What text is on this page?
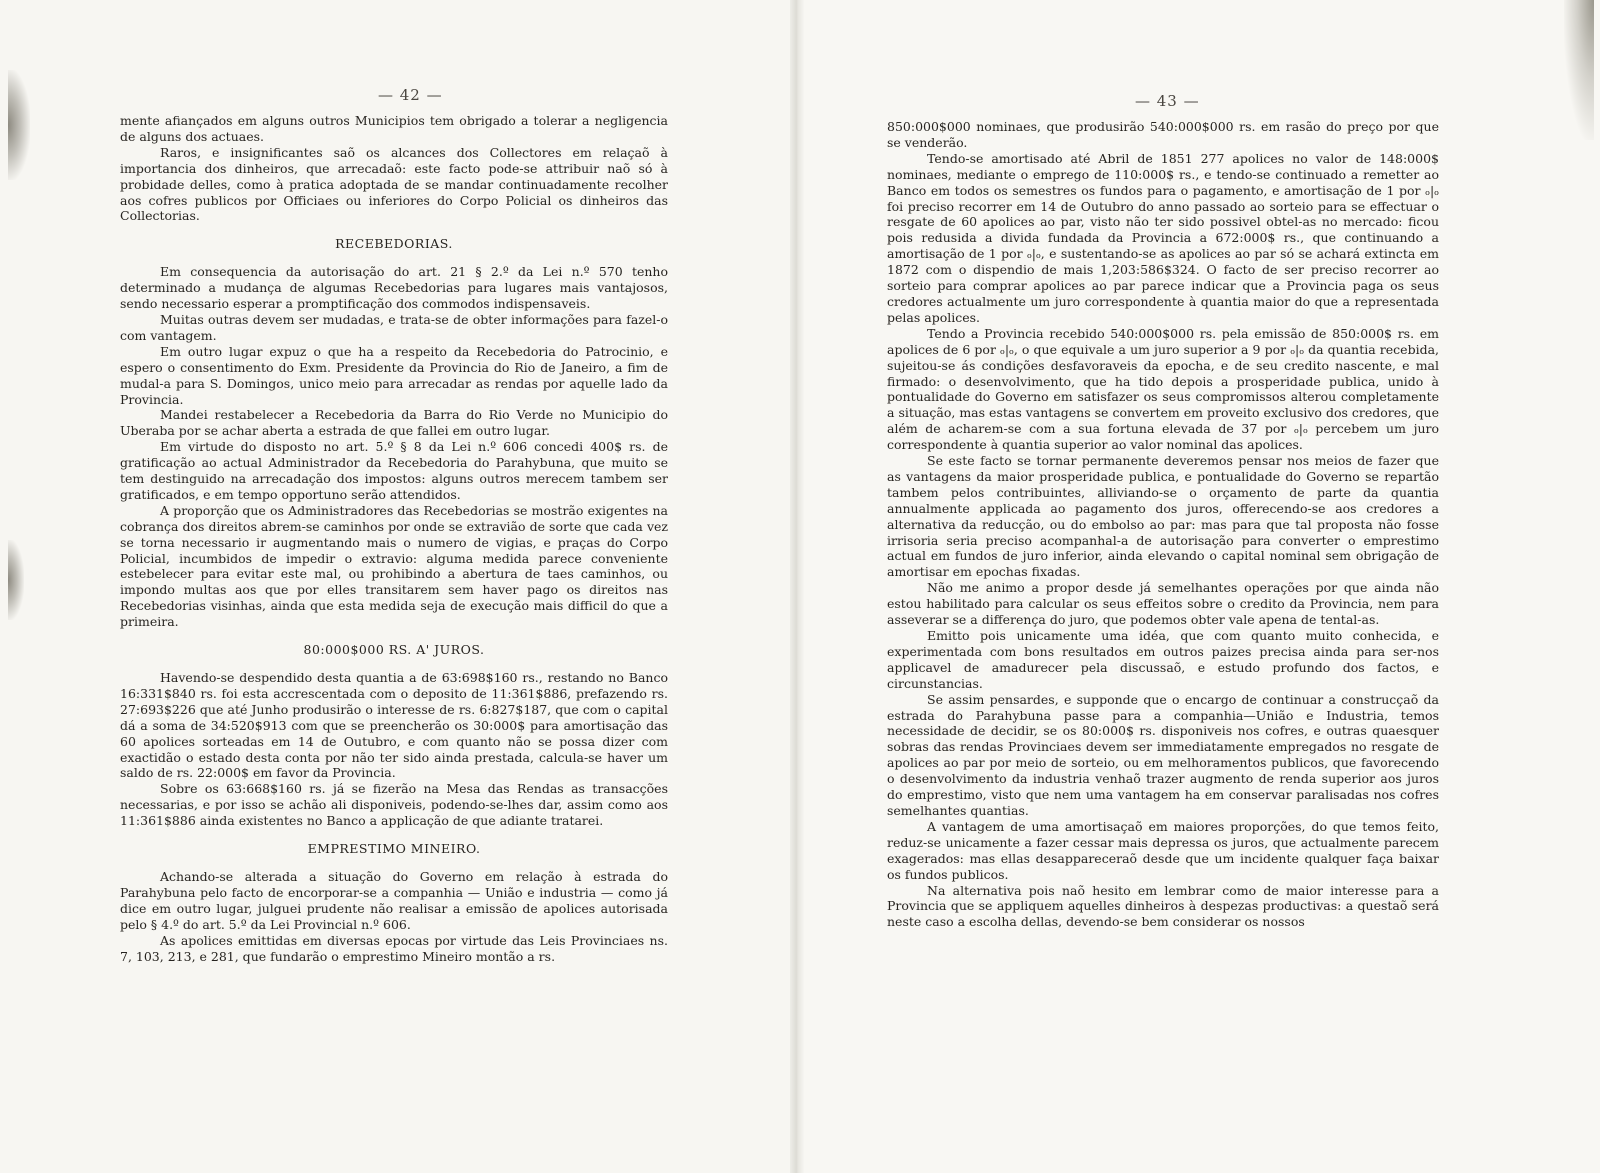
— 42 —

mente afiançados em alguns outros Municipios tem obrigado a tolerar a negligencia de alguns dos actuaes.

Raros, e insignificantes saõ os alcances dos Collectores em relaçaõ à importancia dos dinheiros, que arrecadaõ: este facto pode-se attribuir naõ só à probidade delles, como à pratica adoptada de se mandar continuadamente recolher aos cofres publicos por Officiaes ou inferiores do Corpo Policial os dinheiros das Collectorias.

RECEBEDORIAS.

Em consequencia da autorisação do art. 21 § 2.º da Lei n.º 570 tenho determinado a mudança de algumas Recebedorias para lugares mais vantajosos, sendo necessario esperar a promptificação dos commodos indispensaveis.

Muitas outras devem ser mudadas, e trata-se de obter informações para fazel-o com vantagem.

Em outro lugar expuz o que ha a respeito da Recebedoria do Patrocinio, e espero o consentimento do Exm. Presidente da Provincia do Rio de Janeiro, a fim de mudal-a para S. Domingos, unico meio para arrecadar as rendas por aquelle lado da Provincia.

Mandei restabelecer a Recebedoria da Barra do Rio Verde no Municipio do Uberaba por se achar aberta a estrada de que fallei em outro lugar.

Em virtude do disposto no art. 5.º § 8 da Lei n.º 606 concedi 400$ rs. de gratificação ao actual Administrador da Recebedoria do Parahybuna, que muito se tem destinguido na arrecadação dos impostos: alguns outros merecem tambem ser gratificados, e em tempo opportuno serão attendidos.

A proporção que os Administradores das Recebedorias se mostrão exigentes na cobrança dos direitos abrem-se caminhos por onde se extravião de sorte que cada vez se torna necessario ir augmentando mais o numero de vigias, e praças do Corpo Policial, incumbidos de impedir o extravio: alguma medida parece conveniente estebelecer para evitar este mal, ou prohibindo a abertura de taes caminhos, ou impondo multas aos que por elles transitarem sem haver pago os direitos nas Recebedorias visinhas, ainda que esta medida seja de execução mais difficil do que a primeira.

80:000$000 RS. A' JUROS.

Havendo-se despendido desta quantia a de 63:698$160 rs., restando no Banco 16:331$840 rs. foi esta accrescentada com o deposito de 11:361$886, prefazendo rs. 27:693$226 que até Junho produsirão o interesse de rs. 6:827$187, que com o capital dá a soma de 34:520$913 com que se preencherão os 30:000$ para amortisação das 60 apolices sorteadas em 14 de Outubro, e com quanto não se possa dizer com exactidão o estado desta conta por não ter sido ainda prestada, calcula-se haver um saldo de rs. 22:000$ em favor da Provincia.

Sobre os 63:668$160 rs. já se fizerão na Mesa das Rendas as transacções necessarias, e por isso se achão ali disponiveis, podendo-se-lhes dar, assim como aos 11:361$886 ainda existentes no Banco a applicação de que adiante tratarei.

EMPRESTIMO MINEIRO.

Achando-se alterada a situação do Governo em relação à estrada do Parahybuna pelo facto de encorporar-se a companhia — União e industria — como já dice em outro lugar, julguei prudente não realisar a emissão de apolices autorisada pelo § 4.º do art. 5.º da Lei Provincial n.º 606.

As apolices emittidas em diversas epocas por virtude das Leis Provinciaes ns. 7, 103, 213, e 281, que fundarão o emprestimo Mineiro montão a rs.

— 43 —

850:000$000 nominaes, que produsirão 540:000$000 rs. em rasão do preço por que se venderão.

Tendo-se amortisado até Abril de 1851 277 apolices no valor de 148:000$ nominaes, mediante o emprego de 110:000$ rs., e tendo-se continuado a remetter ao Banco em todos os semestres os fundos para o pagamento, e amortisação de 1 por ₒ|ₒ foi preciso recorrer em 14 de Outubro do anno passado ao sorteio para se effectuar o resgate de 60 apolices ao par, visto não ter sido possivel obtel-as no mercado: ficou pois redusida a divida fundada da Provincia a 672:000$ rs., que continuando a amortisação de 1 por ₒ|ₒ, e sustentando-se as apolices ao par só se achará extincta em 1872 com o dispendio de mais 1,203:586$324. O facto de ser preciso recorrer ao sorteio para comprar apolices ao par parece indicar que a Provincia paga os seus credores actualmente um juro correspondente à quantia maior do que a representada pelas apolices.

Tendo a Provincia recebido 540:000$000 rs. pela emissão de 850:000$ rs. em apolices de 6 por ₒ|ₒ, o que equivale a um juro superior a 9 por ₒ|ₒ da quantia recebida, sujeitou-se ás condições desfavoraveis da epocha, e de seu credito nascente, e mal firmado: o desenvolvimento, que ha tido depois a prosperidade publica, unido à pontualidade do Governo em satisfazer os seus compromissos alterou completamente a situação, mas estas vantagens se convertem em proveito exclusivo dos credores, que além de acharem-se com a sua fortuna elevada de 37 por ₒ|ₒ percebem um juro correspondente à quantia superior ao valor nominal das apolices.

Se este facto se tornar permanente deveremos pensar nos meios de fazer que as vantagens da maior prosperidade publica, e pontualidade do Governo se repartão tambem pelos contribuintes, alliviando-se o orçamento de parte da quantia annualmente applicada ao pagamento dos juros, offerecendo-se aos credores a alternativa da reducção, ou do embolso ao par: mas para que tal proposta não fosse irrisoria seria preciso acompanhal-a de autorisação para converter o emprestimo actual em fundos de juro inferior, ainda elevando o capital nominal sem obrigação de amortisar em epochas fixadas.

Não me animo a propor desde já semelhantes operações por que ainda não estou habilitado para calcular os seus effeitos sobre o credito da Provincia, nem para asseverar se a differença do juro, que podemos obter vale apena de tental-as.

Emitto pois unicamente uma idéa, que com quanto muito conhecida, e experimentada com bons resultados em outros paizes precisa ainda para ser-nos applicavel de amadurecer pela discussaõ, e estudo profundo dos factos, e circunstancias.

Se assim pensardes, e supponde que o encargo de continuar a construcçaõ da estrada do Parahybuna passe para a companhia—União e Industria, temos necessidade de decidir, se os 80:000$ rs. disponiveis nos cofres, e outras quaesquer sobras das rendas Provinciaes devem ser immediatamente empregados no resgate de apolices ao par por meio de sorteio, ou em melhoramentos publicos, que favorecendo o desenvolvimento da industria venhaõ trazer augmento de renda superior aos juros do emprestimo, visto que nem uma vantagem ha em conservar paralisadas nos cofres semelhantes quantias.

A vantagem de uma amortisaçaõ em maiores proporções, do que temos feito, reduz-se unicamente a fazer cessar mais depressa os juros, que actualmente parecem exagerados: mas ellas desappareceraõ desde que um incidente qualquer faça baixar os fundos publicos.

Na alternativa pois naõ hesito em lembrar como de maior interesse para a Provincia que se appliquem aquelles dinheiros à despezas productivas: a questaõ será neste caso a escolha dellas, devendo-se bem considerar os nossos
